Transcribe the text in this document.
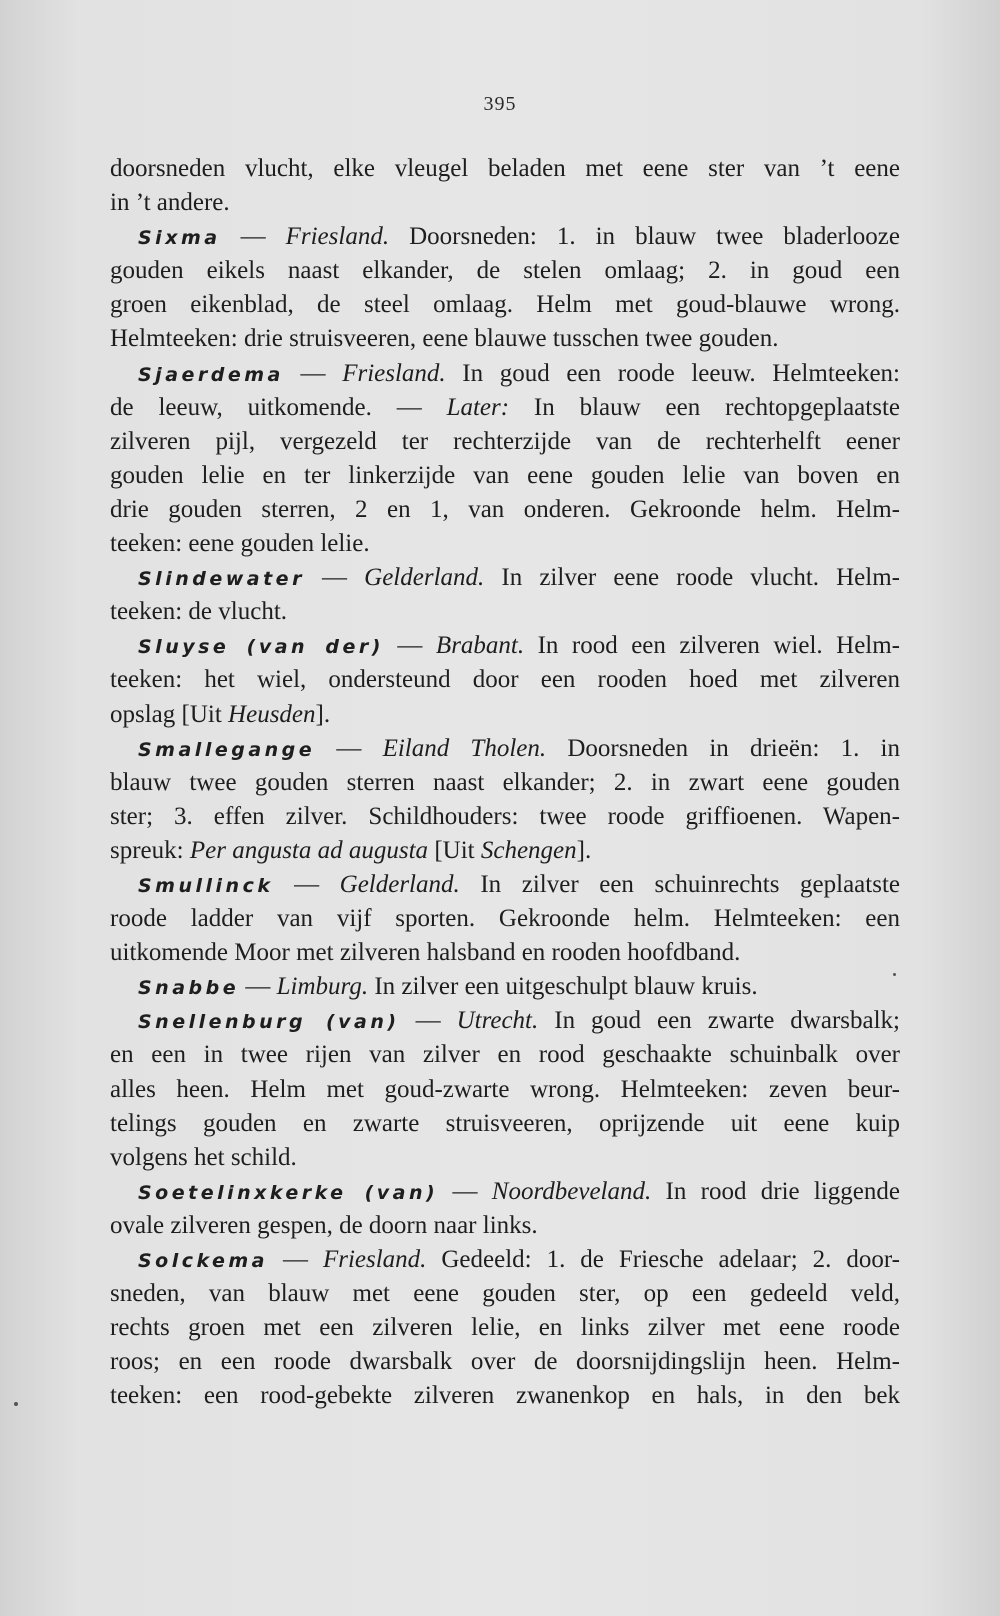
395
doorsneden vlucht, elke vleugel beladen met eene ster van ’t eene
in ’t andere.
Sixma — Friesland. Doorsneden: 1. in blauw twee bladerlooze
gouden eikels naast elkander, de stelen omlaag; 2. in goud een
groen eikenblad, de steel omlaag. Helm met goud-blauwe wrong.
Helmteeken: drie struisveeren, eene blauwe tusschen twee gouden.
Sjaerdema — Friesland. In goud een roode leeuw. Helmteeken:
de leeuw, uitkomende. — Later: In blauw een rechtopgeplaatste
zilveren pijl, vergezeld ter rechterzijde van de rechterhelft eener
gouden lelie en ter linkerzijde van eene gouden lelie van boven en
drie gouden sterren, 2 en 1, van onderen. Gekroonde helm. Helm-
teeken: eene gouden lelie.
Slindewater — Gelderland. In zilver eene roode vlucht. Helm-
teeken: de vlucht.
Sluyse (van der) — Brabant. In rood een zilveren wiel. Helm-
teeken: het wiel, ondersteund door een rooden hoed met zilveren
opslag [Uit Heusden].
Smallegange — Eiland Tholen. Doorsneden in drieën: 1. in
blauw twee gouden sterren naast elkander; 2. in zwart eene gouden
ster; 3. effen zilver. Schildhouders: twee roode griffioenen. Wapen-
spreuk: Per angusta ad augusta [Uit Schengen].
Smullinck — Gelderland. In zilver een schuinrechts geplaatste
roode ladder van vijf sporten. Gekroonde helm. Helmteeken: een
uitkomende Moor met zilveren halsband en rooden hoofdband.
Snabbe — Limburg. In zilver een uitgeschulpt blauw kruis.
Snellenburg (van) — Utrecht. In goud een zwarte dwarsbalk;
en een in twee rijen van zilver en rood geschaakte schuinbalk over
alles heen. Helm met goud-zwarte wrong. Helmteeken: zeven beur-
telings gouden en zwarte struisveeren, oprijzende uit eene kuip
volgens het schild.
Soetelinxkerke (van) — Noordbeveland. In rood drie liggende
ovale zilveren gespen, de doorn naar links.
Solckema — Friesland. Gedeeld: 1. de Friesche adelaar; 2. door-
sneden, van blauw met eene gouden ster, op een gedeeld veld,
rechts groen met een zilveren lelie, en links zilver met eene roode
roos; en een roode dwarsbalk over de doorsnijdingslijn heen. Helm-
teeken: een rood-gebekte zilveren zwanenkop en hals, in den bek
